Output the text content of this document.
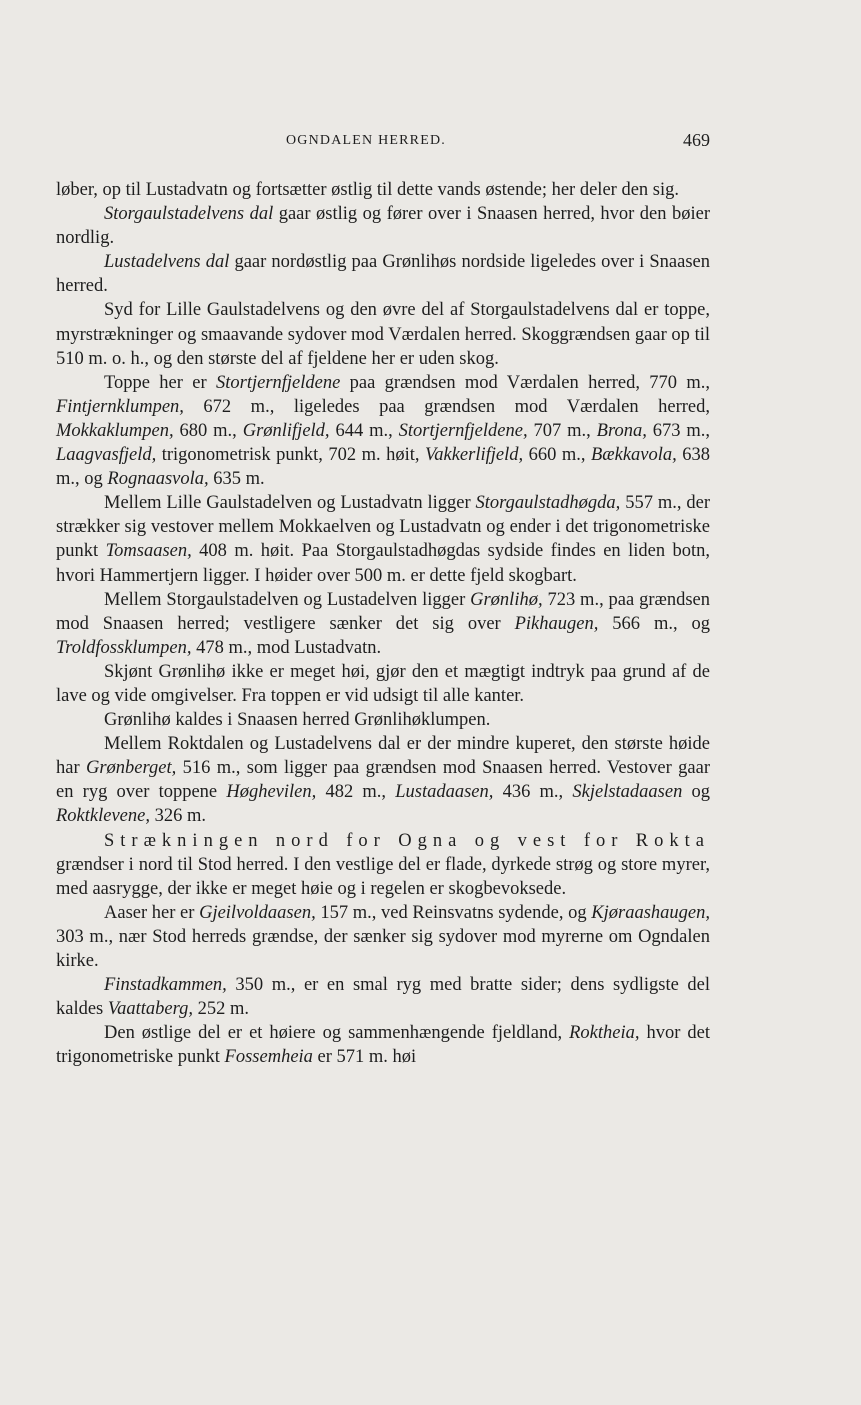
OGNDALEN HERRED.	469

løber, op til Lustadvatn og fortsætter østlig til dette vands østende; her deler den sig.

Storgaulstadelvens dal gaar østlig og fører over i Snaasen herred, hvor den bøier nordlig.

Lustadelvens dal gaar nordøstlig paa Grønlihøs nordside ligeledes over i Snaasen herred.

Syd for Lille Gaulstadelvens og den øvre del af Storgaulstadelvens dal er toppe, myrstrækninger og smaavande sydover mod Værdalen herred. Skoggrændsen gaar op til 510 m. o. h., og den største del af fjeldene her er uden skog.

Toppe her er Stortjernfjeldene paa grændsen mod Værdalen herred, 770 m., Fintjernklumpen, 672 m., ligeledes paa grændsen mod Værdalen herred, Mokkaklumpen, 680 m., Grønlifjeld, 644 m., Stortjernfjeldene, 707 m., Brona, 673 m., Laagvasfjeld, trigonometrisk punkt, 702 m. høit, Vakkerlifjeld, 660 m., Bækkavola, 638 m., og Rognaasvola, 635 m.

Mellem Lille Gaulstadelven og Lustadvatn ligger Storgaulstadhøgda, 557 m., der strækker sig vestover mellem Mokkaelven og Lustadvatn og ender i det trigonometriske punkt Tomsaasen, 408 m. høit. Paa Storgaulstadhøgdas sydside findes en liden botn, hvori Hammertjern ligger. I høider over 500 m. er dette fjeld skogbart.

Mellem Storgaulstadelven og Lustadelven ligger Grønlihø, 723 m., paa grændsen mod Snaasen herred; vestligere sænker det sig over Pikhaugen, 566 m., og Troldfossklumpen, 478 m., mod Lustadvatn.

Skjønt Grønlihø ikke er meget høi, gjør den et mægtigt indtryk paa grund af de lave og vide omgivelser. Fra toppen er vid udsigt til alle kanter.

Grønlihø kaldes i Snaasen herred Grønlihøklumpen.

Mellem Roktdalen og Lustadelvens dal er der mindre kuperet, den største høide har Grønberget, 516 m., som ligger paa grændsen mod Snaasen herred. Vestover gaar en ryg over toppene Høghevilen, 482 m., Lustadaasen, 436 m., Skjelstadaasen og Roktklevene, 326 m.

Strækningen nord for Ogna og vest for Rokta grændser i nord til Stod herred. I den vestlige del er flade, dyrkede strøg og store myrer, med aasrygge, der ikke er meget høie og i regelen er skogbevoksede.

Aaser her er Gjeilvoldaasen, 157 m., ved Reinsvatns sydende, og Kjøraashaugen, 303 m., nær Stod herreds grændse, der sænker sig sydover mod myrerne om Ogndalen kirke.

Finstadkammen, 350 m., er en smal ryg med bratte sider; dens sydligste del kaldes Vaattaberg, 252 m.

Den østlige del er et høiere og sammenhængende fjeldland, Roktheia, hvor det trigonometriske punkt Fossemheia er 571 m. høi
